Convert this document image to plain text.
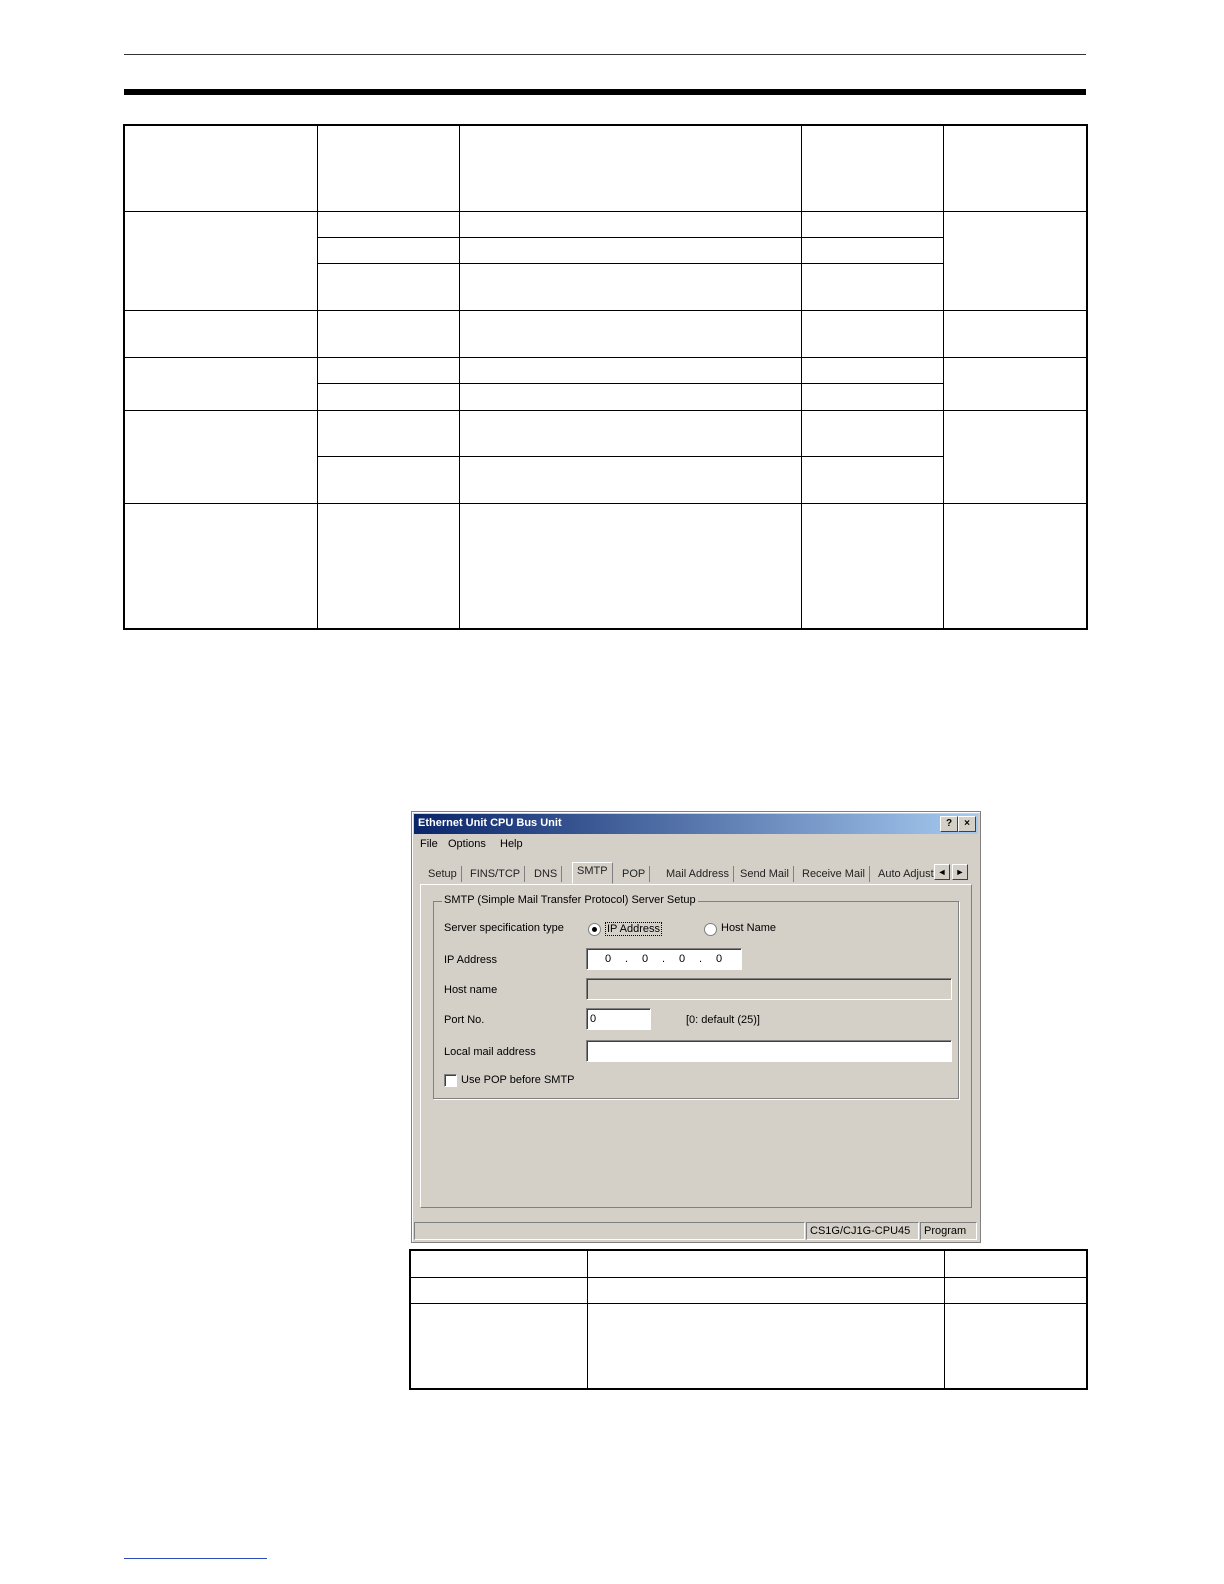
Ethernet Unit CPU Bus Unit	?	×
File Options Help
Setup	FINS/TCP	DNS	SMTP	POP	Mail Address	Send Mail	Receive Mail	Auto Adjust ◄	►
SMTP (Simple Mail Transfer Protocol) Server Setup
Server specification type	IP Address	Host Name
IP Address	0 . 0 . 0 . 0
Host name
Port No.	0	[0: default (25)]
Local mail address
Use POP before SMTP
CS1G/CJ1G-CPU45	Program
